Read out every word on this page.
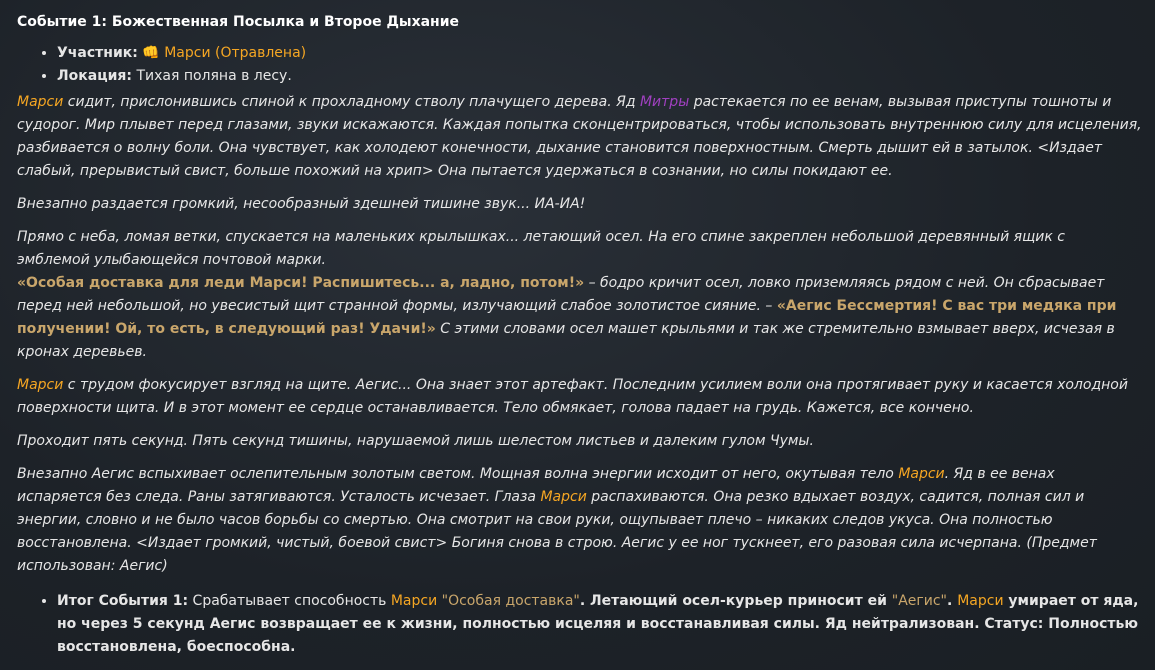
Событие 1: Божественная Посылка и Второе Дыхание
• Участник: 👊 Марси (Отравлена)
• Локация: Тихая поляна в лесу.

Марси сидит, прислонившись спиной к прохладному стволу плачущего дерева. Яд Митры растекается по ее венам, вызывая приступы тошноты и судорог. Мир плывет перед глазами, звуки искажаются. Каждая попытка сконцентрироваться, чтобы использовать внутреннюю силу для исцеления, разбивается о волну боли. Она чувствует, как холодеют конечности, дыхание становится поверхностным. Смерть дышит ей в затылок. <Издает слабый, прерывистый свист, больше похожий на хрип> Она пытается удержаться в сознании, но силы покидают ее.

Внезапно раздается громкий, несообразный здешней тишине звук... ИА-ИА!

Прямо с неба, ломая ветки, спускается на маленьких крылышках... летающий осел. На его спине закреплен небольшой деревянный ящик с эмблемой улыбающейся почтовой марки.

«Особая доставка для леди Марси! Распишитесь... а, ладно, потом!» – бодро кричит осел, ловко приземляясь рядом с ней. Он сбрасывает перед ней небольшой, но увесистый щит странной формы, излучающий слабое золотистое сияние. – «Аегис Бессмертия! С вас три медяка при получении! Ой, то есть, в следующий раз! Удачи!» С этими словами осел машет крыльями и так же стремительно взмывает вверх, исчезая в кронах деревьев.

Марси с трудом фокусирует взгляд на щите. Аегис... Она знает этот артефакт. Последним усилием воли она протягивает руку и касается холодной поверхности щита. И в этот момент ее сердце останавливается. Тело обмякает, голова падает на грудь. Кажется, все кончено.

Проходит пять секунд. Пять секунд тишины, нарушаемой лишь шелестом листьев и далеким гулом Чумы.

Внезапно Аегис вспыхивает ослепительным золотым светом. Мощная волна энергии исходит от него, окутывая тело Марси. Яд в ее венах испаряется без следа. Раны затягиваются. Усталость исчезает. Глаза Марси распахиваются. Она резко вдыхает воздух, садится, полная сил и энергии, словно и не было часов борьбы со смертью. Она смотрит на свои руки, ощупывает плечо – никаких следов укуса. Она полностью восстановлена. <Издает громкий, чистый, боевой свист> Богиня снова в строю. Аегис у ее ног тускнеет, его разовая сила исчерпана. (Предмет использован: Аегис)

• Итог События 1: Срабатывает способность Марси "Особая доставка". Летающий осел-курьер приносит ей "Аегис". Марси умирает от яда, но через 5 секунд Аегис возвращает ее к жизни, полностью исцеляя и восстанавливая силы. Яд нейтрализован. Статус: Полностью восстановлена, боеспособна.
